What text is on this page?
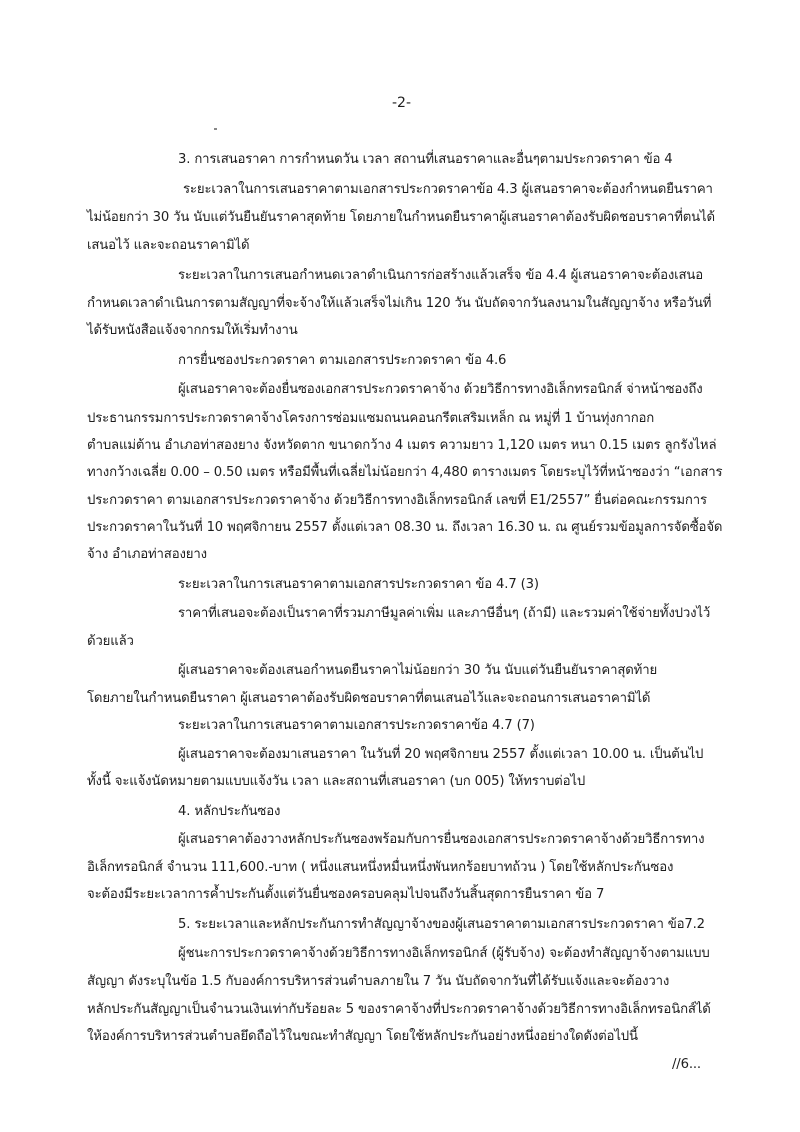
-2-
3. การเสนอราคา การกำหนดวัน เวลา สถานที่เสนอราคาและอื่นๆตามประกวดราคา ข้อ 4
ระยะเวลาในการเสนอราคาตามเอกสารประกวดราคาข้อ 4.3 ผู้เสนอราคาจะต้องกำหนดยืนราคา
ไม่น้อยกว่า 30 วัน นับแต่วันยืนยันราคาสุดท้าย โดยภายในกำหนดยืนราคาผู้เสนอราคาต้องรับผิดชอบราคาที่ตนได้
เสนอไว้ และจะถอนราคามิได้
ระยะเวลาในการเสนอกำหนดเวลาดำเนินการก่อสร้างแล้วเสร็จ ข้อ 4.4 ผู้เสนอราคาจะต้องเสนอ
กำหนดเวลาดำเนินการตามสัญญาที่จะจ้างให้แล้วเสร็จไม่เกิน 120 วัน นับถัดจากวันลงนามในสัญญาจ้าง หรือวันที่
ได้รับหนังสือแจ้งจากกรมให้เริ่มทำงาน
การยื่นซองประกวดราคา ตามเอกสารประกวดราคา ข้อ 4.6
ผู้เสนอราคาจะต้องยื่นซองเอกสารประกวดราคาจ้าง ด้วยวิธีการทางอิเล็กทรอนิกส์ จ่าหน้าซองถึง
ประธานกรรมการประกวดราคาจ้างโครงการซ่อมแซมถนนคอนกรีตเสริมเหล็ก ณ หมู่ที่ 1 บ้านทุ่งกากอก
ตำบลแม่ต้าน อำเภอท่าสองยาง จังหวัดตาก ขนาดกว้าง 4 เมตร ความยาว 1,120 เมตร หนา 0.15 เมตร ลูกรังไหล่
ทางกว้างเฉลี่ย 0.00 – 0.50 เมตร หรือมีพื้นที่เฉลี่ยไม่น้อยกว่า 4,480 ตารางเมตร โดยระบุไว้ที่หน้าซองว่า “เอกสาร
ประกวดราคา ตามเอกสารประกวดราคาจ้าง ด้วยวิธีการทางอิเล็กทรอนิกส์ เลขที่ E1/2557” ยื่นต่อคณะกรรมการ
ประกวดราคาในวันที่ 10 พฤศจิกายน 2557 ตั้งแต่เวลา 08.30 น. ถึงเวลา 16.30 น. ณ ศูนย์รวมข้อมูลการจัดซื้อจัด
จ้าง อำเภอท่าสองยาง
ระยะเวลาในการเสนอราคาตามเอกสารประกวดราคา ข้อ 4.7 (3)
ราคาที่เสนอจะต้องเป็นราคาที่รวมภาษีมูลค่าเพิ่ม และภาษีอื่นๆ (ถ้ามี) และรวมค่าใช้จ่ายทั้งปวงไว้
ด้วยแล้ว
ผู้เสนอราคาจะต้องเสนอกำหนดยืนราคาไม่น้อยกว่า 30 วัน นับแต่วันยืนยันราคาสุดท้าย
โดยภายในกำหนดยืนราคา ผู้เสนอราคาต้องรับผิดชอบราคาที่ตนเสนอไว้และจะถอนการเสนอราคามิได้
ระยะเวลาในการเสนอราคาตามเอกสารประกวดราคาข้อ 4.7 (7)
ผู้เสนอราคาจะต้องมาเสนอราคา ในวันที่ 20 พฤศจิกายน 2557 ตั้งแต่เวลา 10.00 น. เป็นต้นไป
ทั้งนี้ จะแจ้งนัดหมายตามแบบแจ้งวัน เวลา และสถานที่เสนอราคา (บก 005) ให้ทราบต่อไป
4. หลักประกันซอง
ผู้เสนอราคาต้องวางหลักประกันซองพร้อมกับการยื่นซองเอกสารประกวดราคาจ้างด้วยวิธีการทาง
อิเล็กทรอนิกส์ จำนวน 111,600.-บาท ( หนึ่งแสนหนึ่งหมื่นหนึ่งพันหกร้อยบาทถ้วน ) โดยใช้หลักประกันซอง
จะต้องมีระยะเวลาการค้ำประกันตั้งแต่วันยื่นซองครอบคลุมไปจนถึงวันสิ้นสุดการยืนราคา ข้อ 7
5. ระยะเวลาและหลักประกันการทำสัญญาจ้างของผู้เสนอราคาตามเอกสารประกวดราคา ข้อ7.2
ผู้ชนะการประกวดราคาจ้างด้วยวิธีการทางอิเล็กทรอนิกส์ (ผู้รับจ้าง) จะต้องทำสัญญาจ้างตามแบบ
สัญญา ดังระบุในข้อ 1.5 กับองค์การบริหารส่วนตำบลภายใน 7 วัน นับถัดจากวันที่ได้รับแจ้งและจะต้องวาง
หลักประกันสัญญาเป็นจำนวนเงินเท่ากับร้อยละ 5 ของราคาจ้างที่ประกวดราคาจ้างด้วยวิธีการทางอิเล็กทรอนิกส์ได้
ให้องค์การบริหารส่วนตำบลยึดถือไว้ในขณะทำสัญญา โดยใช้หลักประกันอย่างหนึ่งอย่างใดดังต่อไปนี้
//6...
